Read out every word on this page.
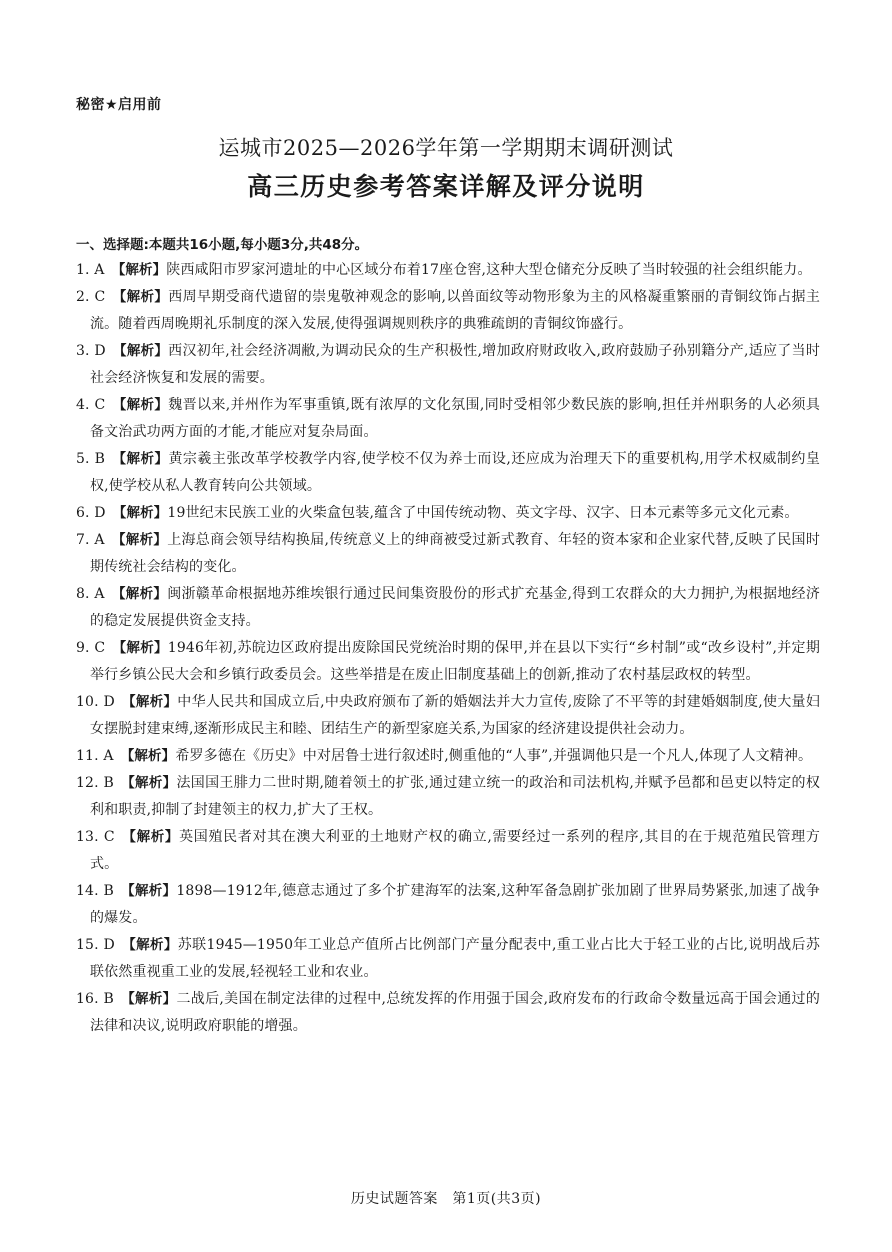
秘密★启用前
运城市2025—2026学年第一学期期末调研测试
高三历史参考答案详解及评分说明
一、选择题:本题共16小题,每小题3分,共48分。
1. A  【解析】陕西咸阳市罗家河遗址的中心区域分布着17座仓窖,这种大型仓储充分反映了当时较强的社会组织能力。
2. C  【解析】西周早期受商代遗留的崇鬼敬神观念的影响,以兽面纹等动物形象为主的风格凝重繁丽的青铜纹饰占据主流。随着西周晚期礼乐制度的深入发展,使得强调规则秩序的典雅疏朗的青铜纹饰盛行。
3. D  【解析】西汉初年,社会经济凋敝,为调动民众的生产积极性,增加政府财政收入,政府鼓励子孙别籍分产,适应了当时社会经济恢复和发展的需要。
4. C  【解析】魏晋以来,并州作为军事重镇,既有浓厚的文化氛围,同时受相邻少数民族的影响,担任并州职务的人必须具备文治武功两方面的才能,才能应对复杂局面。
5. B  【解析】黄宗羲主张改革学校教学内容,使学校不仅为养士而设,还应成为治理天下的重要机构,用学术权威制约皇权,使学校从私人教育转向公共领域。
6. D  【解析】19世纪末民族工业的火柴盒包装,蕴含了中国传统动物、英文字母、汉字、日本元素等多元文化元素。
7. A  【解析】上海总商会领导结构换届,传统意义上的绅商被受过新式教育、年轻的资本家和企业家代替,反映了民国时期传统社会结构的变化。
8. A  【解析】闽浙赣革命根据地苏维埃银行通过民间集资股份的形式扩充基金,得到工农群众的大力拥护,为根据地经济的稳定发展提供资金支持。
9. C  【解析】1946年初,苏皖边区政府提出废除国民党统治时期的保甲,并在县以下实行“乡村制”或“改乡设村”,并定期举行乡镇公民大会和乡镇行政委员会。这些举措是在废止旧制度基础上的创新,推动了农村基层政权的转型。
10. D  【解析】中华人民共和国成立后,中央政府颁布了新的婚姻法并大力宣传,废除了不平等的封建婚姻制度,使大量妇女摆脱封建束缚,逐渐形成民主和睦、团结生产的新型家庭关系,为国家的经济建设提供社会动力。
11. A  【解析】希罗多德在《历史》中对居鲁士进行叙述时,侧重他的“人事”,并强调他只是一个凡人,体现了人文精神。
12. B  【解析】法国国王腓力二世时期,随着领土的扩张,通过建立统一的政治和司法机构,并赋予邑都和邑吏以特定的权利和职责,抑制了封建领主的权力,扩大了王权。
13. C  【解析】英国殖民者对其在澳大利亚的土地财产权的确立,需要经过一系列的程序,其目的在于规范殖民管理方式。
14. B  【解析】1898—1912年,德意志通过了多个扩建海军的法案,这种军备急剧扩张加剧了世界局势紧张,加速了战争的爆发。
15. D  【解析】苏联1945—1950年工业总产值所占比例部门产量分配表中,重工业占比大于轻工业的占比,说明战后苏联依然重视重工业的发展,轻视轻工业和农业。
16. B  【解析】二战后,美国在制定法律的过程中,总统发挥的作用强于国会,政府发布的行政命令数量远高于国会通过的法律和决议,说明政府职能的增强。
历史试题答案　第1页(共3页)
